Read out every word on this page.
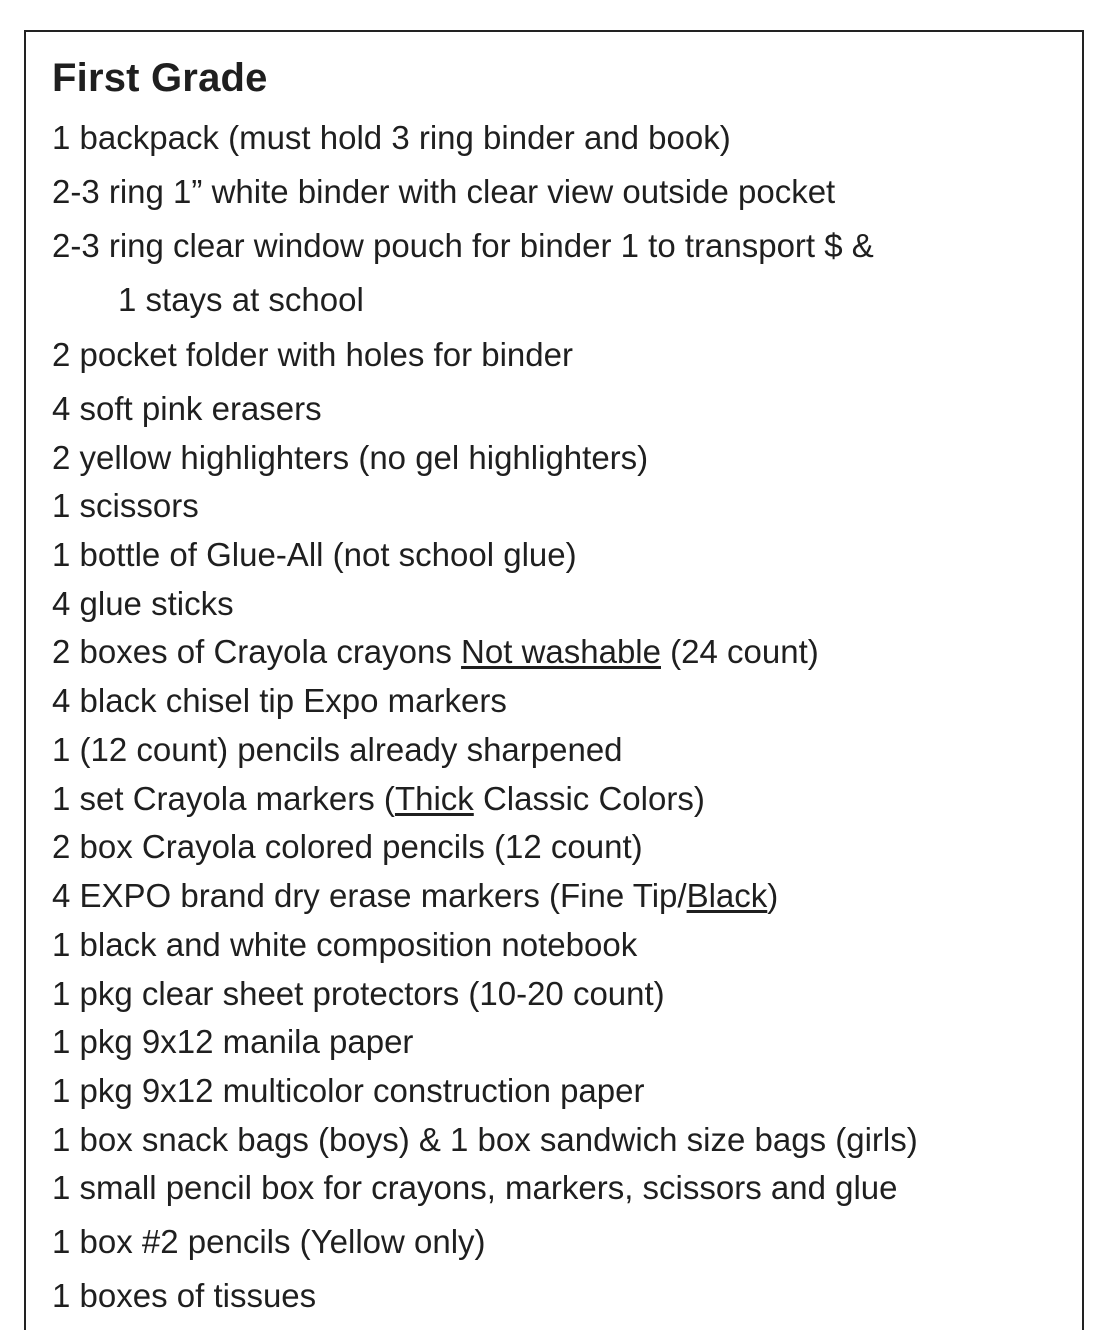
First Grade
1 backpack (must hold 3 ring binder and book)
2-3 ring 1” white binder with clear view outside pocket
2-3 ring clear window pouch for binder 1 to transport $ &
1 stays at school
2 pocket folder with holes for binder
4 soft pink erasers
2 yellow highlighters (no gel highlighters)
1 scissors
1 bottle of Glue-All (not school glue)
4 glue sticks
2 boxes of Crayola crayons Not washable (24 count)
4 black chisel tip Expo markers
1 (12 count) pencils already sharpened
1 set Crayola markers (Thick Classic Colors)
2 box Crayola colored pencils (12 count)
4 EXPO brand dry erase markers (Fine Tip/Black)
1 black and white composition notebook
1 pkg clear sheet protectors (10-20 count)
1 pkg 9x12 manila paper
1 pkg 9x12 multicolor construction paper
1 box snack bags (boys) & 1 box sandwich size bags (girls)
1 small pencil box for crayons, markers, scissors and glue
1 box #2 pencils (Yellow only)
1 boxes of tissues
